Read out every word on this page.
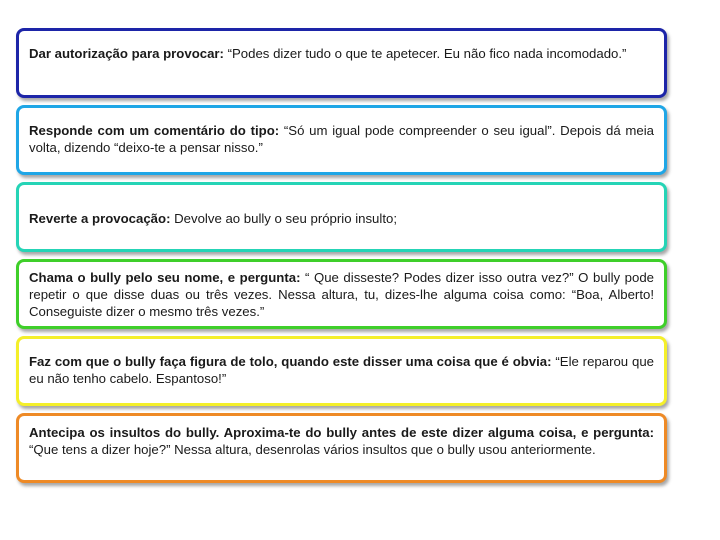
Dar autorização para provocar: “Podes dizer tudo o que te apetecer. Eu não fico nada incomodado.”
Responde com um comentário do tipo: “Só um igual pode compreender o seu igual”. Depois dá meia volta, dizendo “deixo-te a pensar nisso.”
Reverte a provocação: Devolve ao bully o seu próprio insulto;
Chama o bully pelo seu nome, e pergunta: “ Que disseste? Podes dizer isso outra vez?” O bully pode repetir o que disse duas ou três vezes. Nessa altura, tu, dizes-lhe alguma coisa como: “Boa, Alberto! Conseguiste dizer o mesmo três vezes.”
Faz com que o bully faça figura de tolo, quando este disser uma coisa que é obvia: “Ele reparou que eu não tenho cabelo. Espantoso!”
Antecipa os insultos do bully. Aproxima-te do bully antes de este dizer alguma coisa, e pergunta: “Que tens a dizer hoje?” Nessa altura, desenrolas vários insultos que o bully usou anteriormente.
